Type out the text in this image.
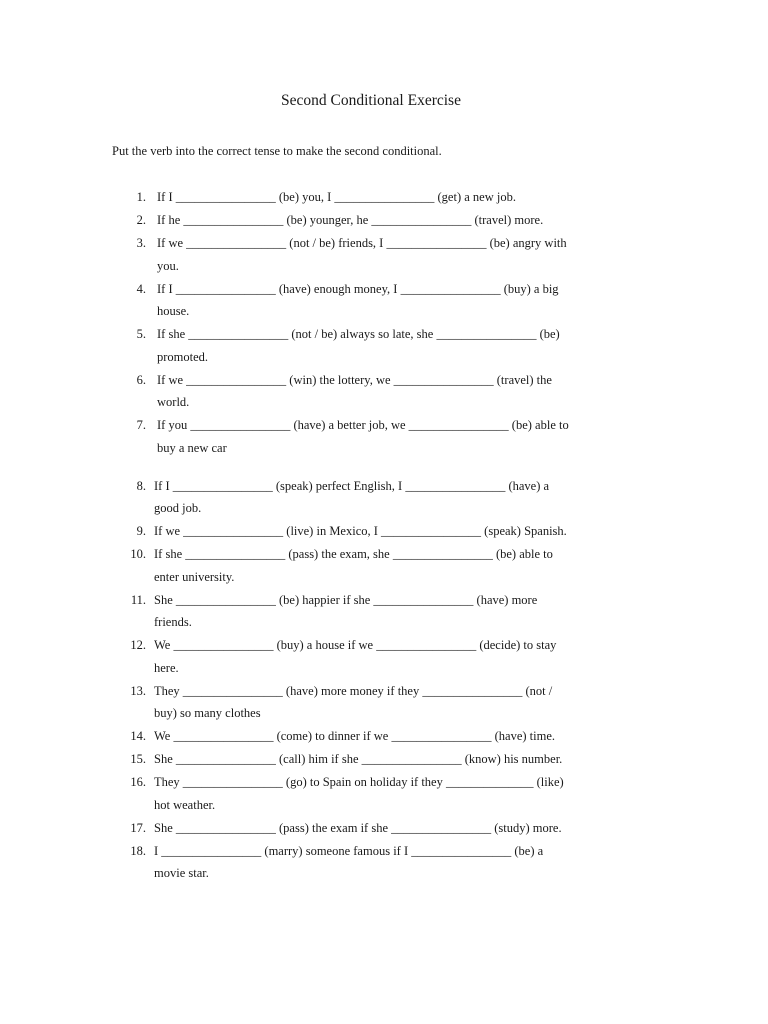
Second Conditional Exercise
Put the verb into the correct tense to make the second conditional.
1. If I ________________ (be) you, I ________________ (get) a new job.
2. If he ________________ (be) younger, he ________________ (travel) more.
3. If we ________________ (not / be) friends, I ________________ (be) angry with
you.
4. If I ________________ (have) enough money, I ________________ (buy) a big
house.
5. If she ________________ (not / be) always so late, she ________________ (be)
promoted.
6. If we ________________ (win) the lottery, we ________________ (travel) the
world.
7. If you ________________ (have) a better job, we ________________ (be) able to
buy a new car
8. If I ________________ (speak) perfect English, I ________________ (have) a
good job.
9. If we ________________ (live) in Mexico, I ________________ (speak) Spanish.
10. If she ________________ (pass) the exam, she ________________ (be) able to
enter university.
11. She ________________ (be) happier if she ________________ (have) more
friends.
12. We ________________ (buy) a house if we ________________ (decide) to stay
here.
13. They ________________ (have) more money if they ________________ (not /
buy) so many clothes
14. We ________________ (come) to dinner if we ________________ (have) time.
15. She ________________ (call) him if she ________________ (know) his number.
16. They ________________ (go) to Spain on holiday if they ______________ (like)
hot weather.
17. She ________________ (pass) the exam if she ________________ (study) more.
18. I ________________ (marry) someone famous if I ________________ (be) a
movie star.
